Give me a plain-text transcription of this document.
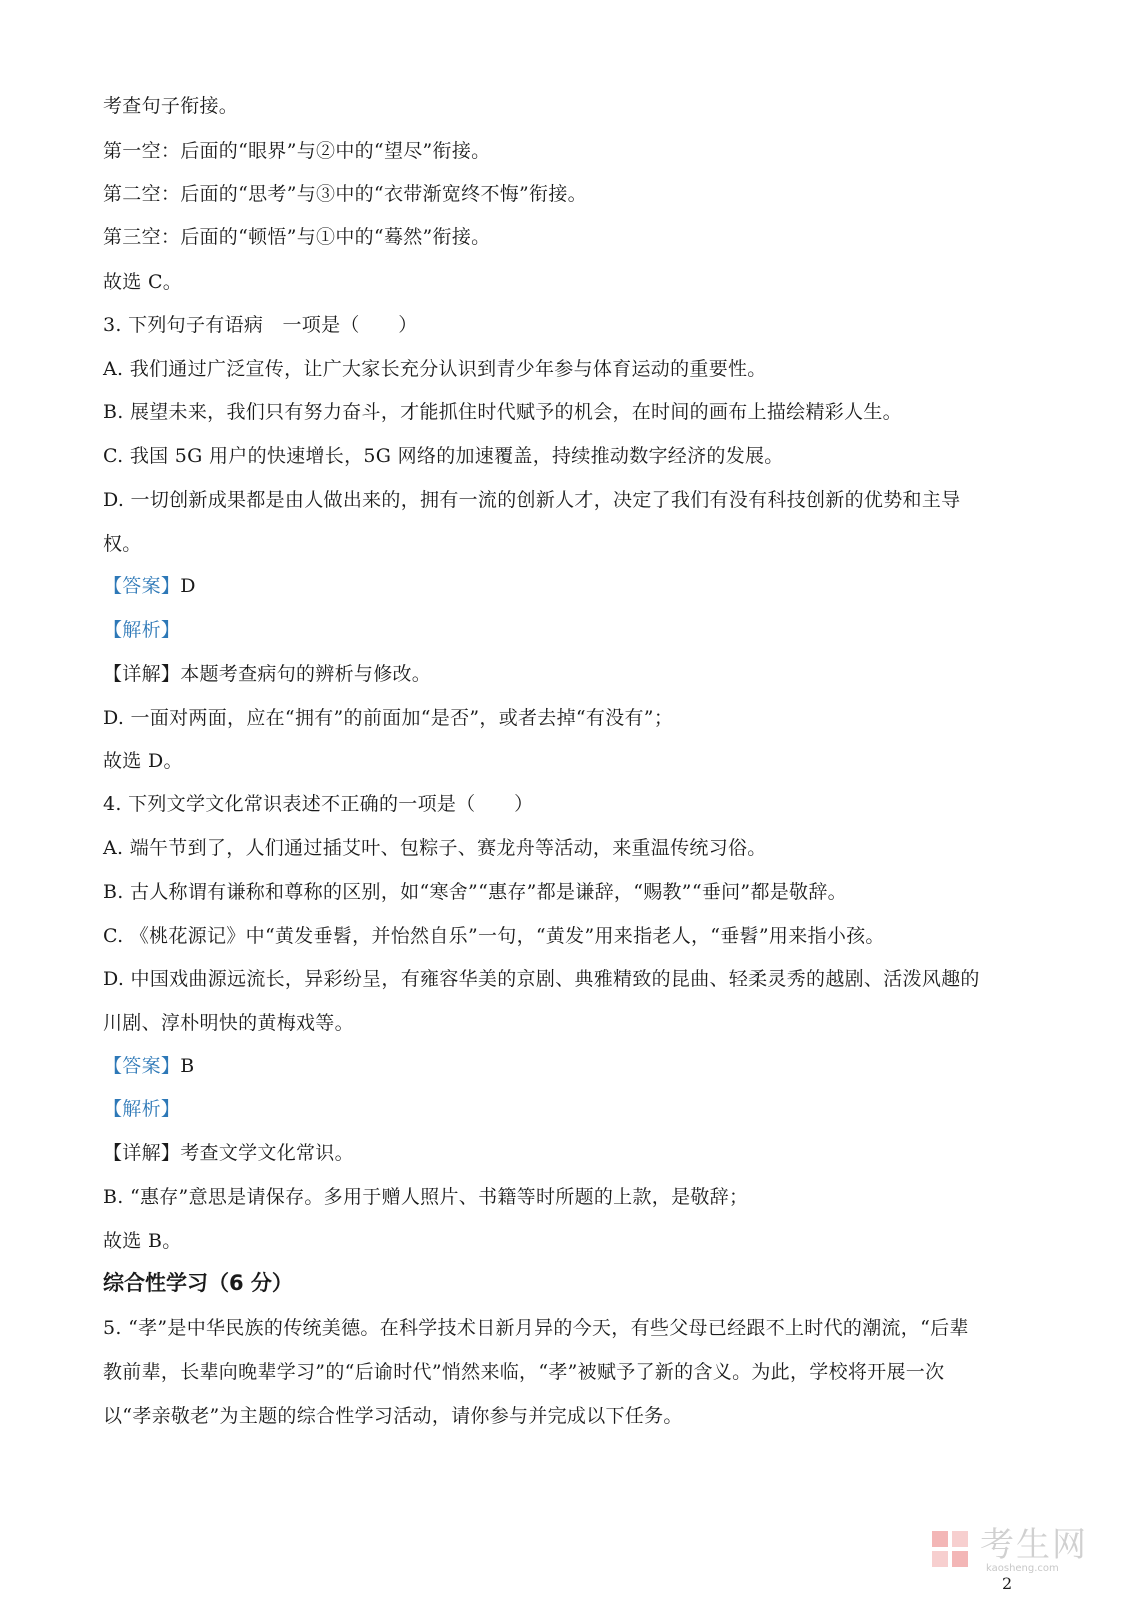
考查句子衔接。
第一空：后面的“眼界”与②中的“望尽”衔接。
第二空：后面的“思考”与③中的“衣带渐宽终不悔”衔接。
第三空：后面的“顿悟”与①中的“蓦然”衔接。
故选 C。
3. 下列句子有语病　一项是（　　）
A. 我们通过广泛宣传，让广大家长充分认识到青少年参与体育运动的重要性。
B. 展望未来，我们只有努力奋斗，才能抓住时代赋予的机会，在时间的画布上描绘精彩人生。
C. 我国 5G 用户的快速增长，5G 网络的加速覆盖，持续推动数字经济的发展。
D. 一切创新成果都是由人做出来的，拥有一流的创新人才，决定了我们有没有科技创新的优势和主导
权。
【答案】D
【解析】
【详解】本题考查病句的辨析与修改。
D. 一面对两面，应在“拥有”的前面加“是否”，或者去掉“有没有”；
故选 D。
4. 下列文学文化常识表述不正确的一项是（　　）
A. 端午节到了，人们通过插艾叶、包粽子、赛龙舟等活动，来重温传统习俗。
B. 古人称谓有谦称和尊称的区别，如“寒舍”“惠存”都是谦辞，“赐教”“垂问”都是敬辞。
C. 《桃花源记》中“黄发垂髫，并怡然自乐”一句，“黄发”用来指老人，“垂髫”用来指小孩。
D. 中国戏曲源远流长，异彩纷呈，有雍容华美的京剧、典雅精致的昆曲、轻柔灵秀的越剧、活泼风趣的
川剧、淳朴明快的黄梅戏等。
【答案】B
【解析】
【详解】考查文学文化常识。
B. “惠存”意思是请保存。多用于赠人照片、书籍等时所题的上款，是敬辞；
故选 B。
综合性学习（6 分）
5. “孝”是中华民族的传统美德。在科学技术日新月异的今天，有些父母已经跟不上时代的潮流，“后辈
教前辈，长辈向晚辈学习”的“后谕时代”悄然来临，“孝”被赋予了新的含义。为此，学校将开展一次
以“孝亲敬老”为主题的综合性学习活动，请你参与并完成以下任务。
考生网
kaosheng.com
2
